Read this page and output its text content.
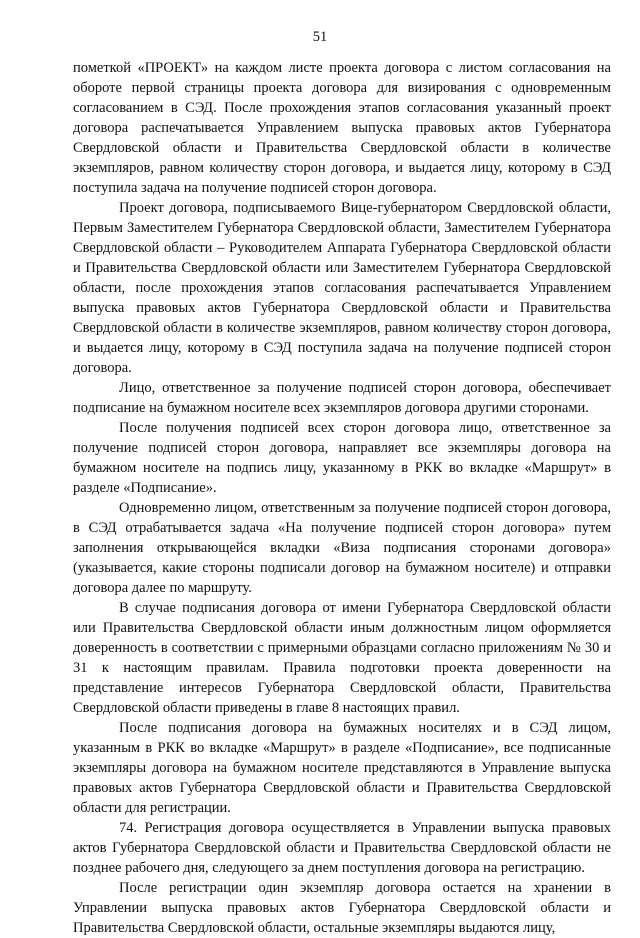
51

пометкой «ПРОЕКТ» на каждом листе проекта договора с листом согласования на обороте первой страницы проекта договора для визирования с одновременным согласованием в СЭД. После прохождения этапов согласования указанный проект договора распечатывается Управлением выпуска правовых актов Губернатора Свердловской области и Правительства Свердловской области в количестве экземпляров, равном количеству сторон договора, и выдается лицу, которому в СЭД поступила задача на получение подписей сторон договора.

Проект договора, подписываемого Вице-губернатором Свердловской области, Первым Заместителем Губернатора Свердловской области, Заместителем Губернатора Свердловской области – Руководителем Аппарата Губернатора Свердловской области и Правительства Свердловской области или Заместителем Губернатора Свердловской области, после прохождения этапов согласования распечатывается Управлением выпуска правовых актов Губернатора Свердловской области и Правительства Свердловской области в количестве экземпляров, равном количеству сторон договора, и выдается лицу, которому в СЭД поступила задача на получение подписей сторон договора.

Лицо, ответственное за получение подписей сторон договора, обеспечивает подписание на бумажном носителе всех экземпляров договора другими сторонами.

После получения подписей всех сторон договора лицо, ответственное за получение подписей сторон договора, направляет все экземпляры договора на бумажном носителе на подпись лицу, указанному в РКК во вкладке «Маршрут» в разделе «Подписание».

Одновременно лицом, ответственным за получение подписей сторон договора, в СЭД отрабатывается задача «На получение подписей сторон договора» путем заполнения открывающейся вкладки «Виза подписания сторонами договора» (указывается, какие стороны подписали договор на бумажном носителе) и отправки договора далее по маршруту.

В случае подписания договора от имени Губернатора Свердловской области или Правительства Свердловской области иным должностным лицом оформляется доверенность в соответствии с примерными образцами согласно приложениям № 30 и 31 к настоящим правилам. Правила подготовки проекта доверенности на представление интересов Губернатора Свердловской области, Правительства Свердловской области приведены в главе 8 настоящих правил.

После подписания договора на бумажных носителях и в СЭД лицом, указанным в РКК во вкладке «Маршрут» в разделе «Подписание», все подписанные экземпляры договора на бумажном носителе представляются в Управление выпуска правовых актов Губернатора Свердловской области и Правительства Свердловской области для регистрации.

74. Регистрация договора осуществляется в Управлении выпуска правовых актов Губернатора Свердловской области и Правительства Свердловской области не позднее рабочего дня, следующего за днем поступления договора на регистрацию.

После регистрации один экземпляр договора остается на хранении в Управлении выпуска правовых актов Губернатора Свердловской области и Правительства Свердловской области, остальные экземпляры выдаются лицу,
